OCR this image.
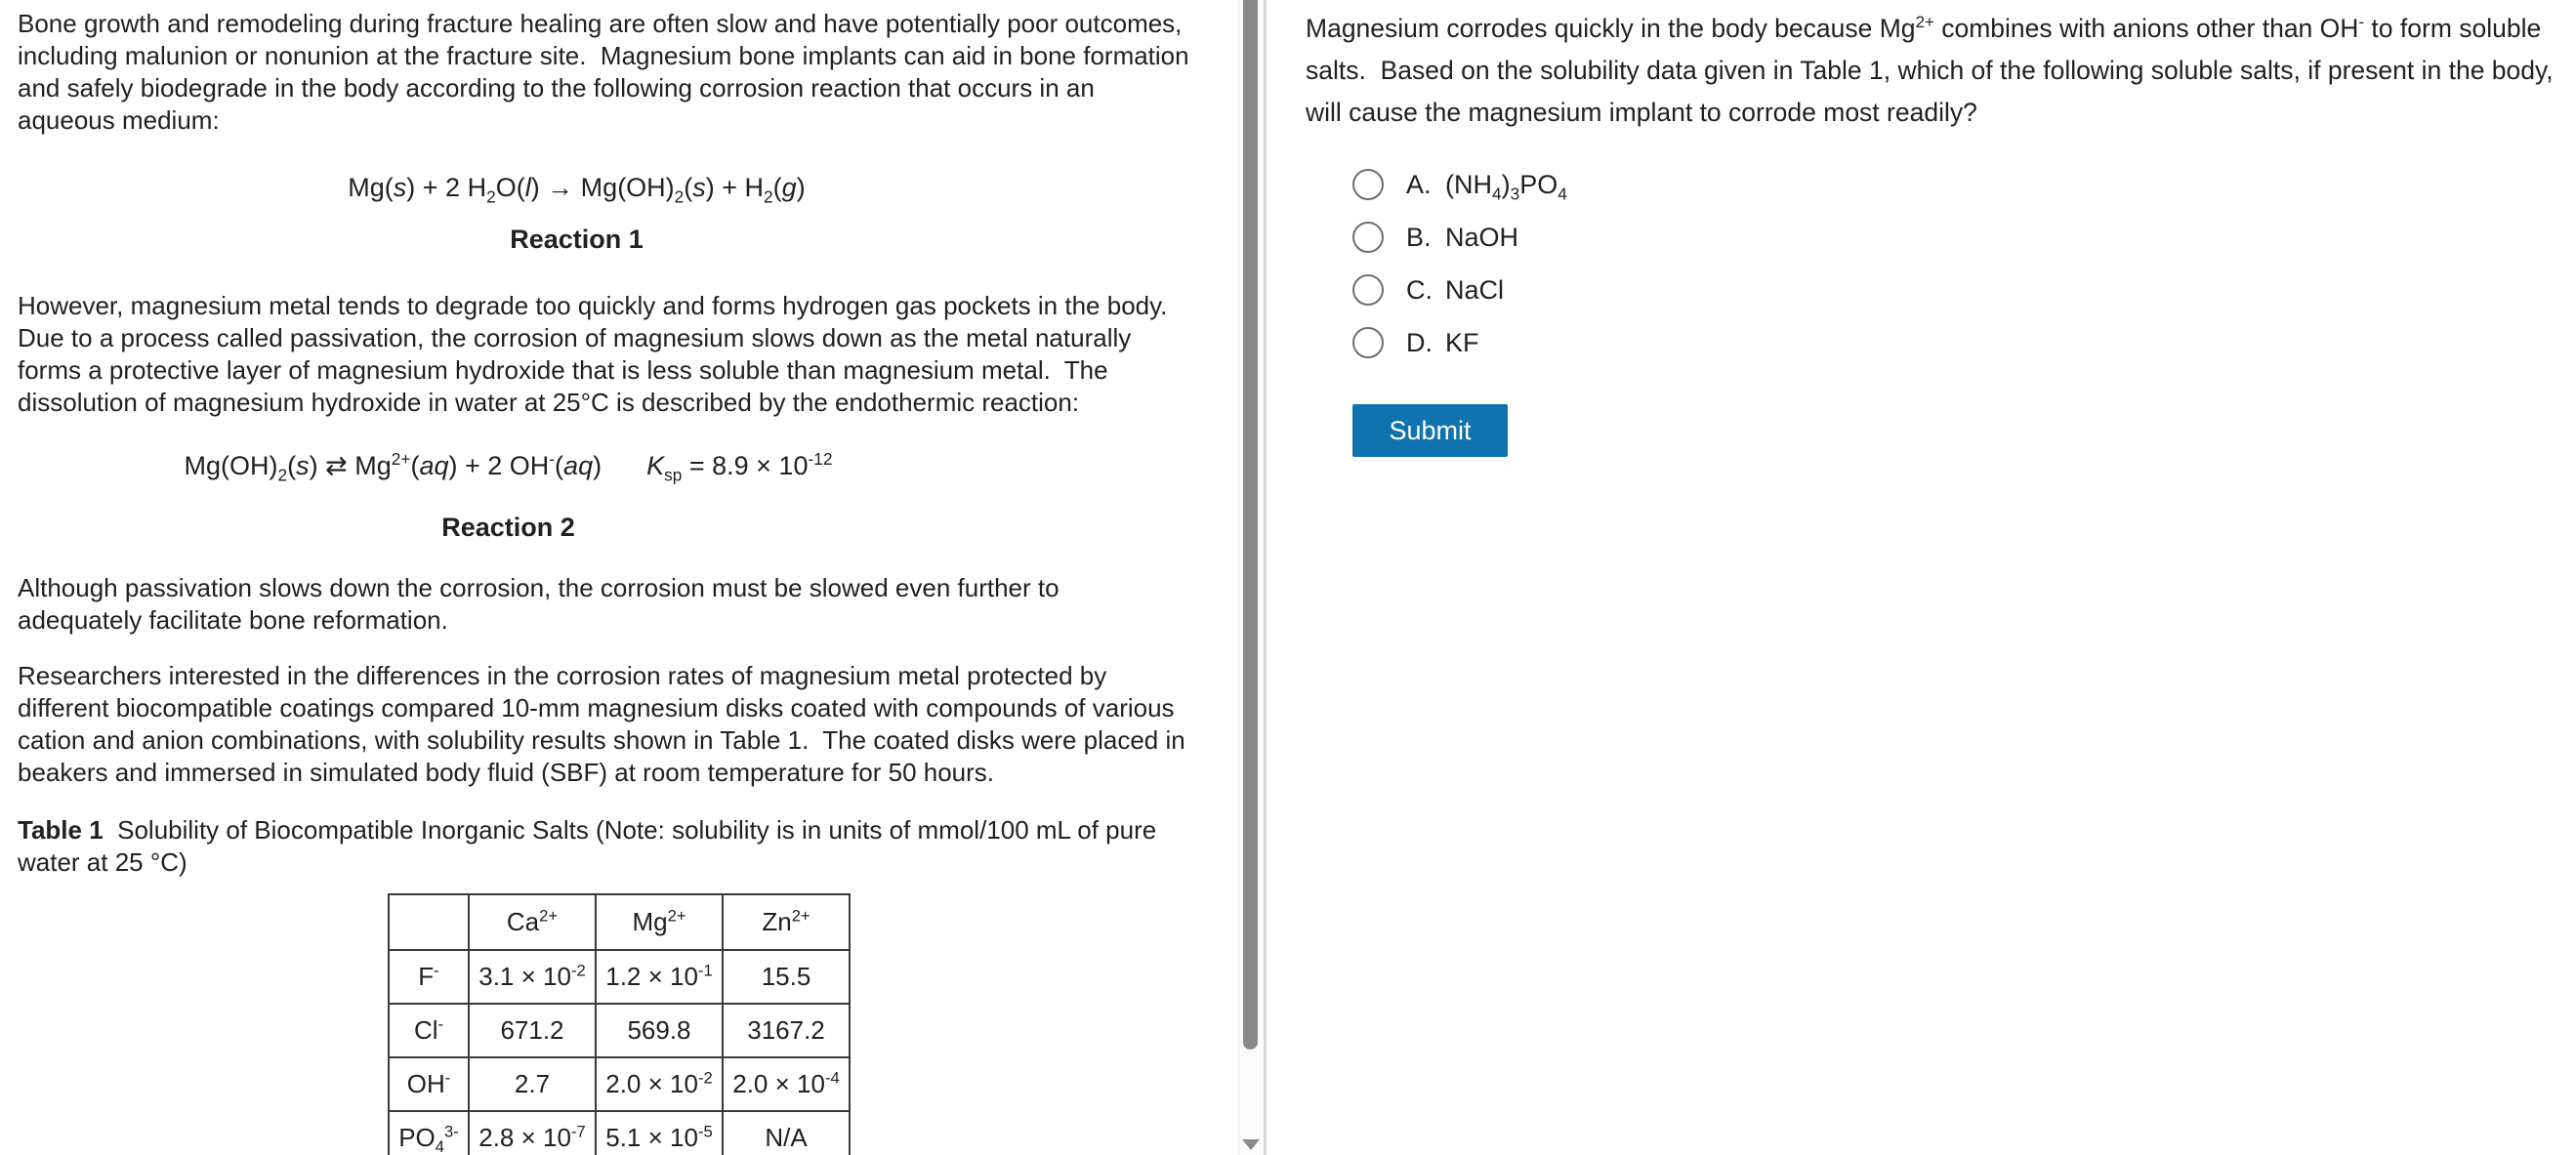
Bone growth and remodeling during fracture healing are often slow and have potentially poor outcomes, including malunion or nonunion at the fracture site.  Magnesium bone implants can aid in bone formation and safely biodegrade in the body according to the following corrosion reaction that occurs in an aqueous medium:

Mg(s) + 2 $H_2O(l) \to Mg(OH)_2(s) + H_2(g)$
Reaction 1

However, magnesium metal tends to degrade too quickly and forms hydrogen gas pockets in the body.  Due to a process called passivation, the corrosion of magnesium slows down as the metal naturally forms a protective layer of magnesium hydroxide that is less soluble than magnesium metal.  The dissolution of magnesium hydroxide in water at 25°C is described by the endothermic reaction:

$Mg(OH)_2(s)$ ⇄ $Mg^{2+}(aq) + 2$ OH-(aq) $K_{sp} = 8.9 \times 10^{-12}$
Reaction 2

Although passivation slows down the corrosion, the corrosion must be slowed even further to adequately facilitate bone reformation.

Researchers interested in the differences in the corrosion rates of magnesium metal protected by different biocompatible coatings compared 10-mm magnesium disks coated with compounds of various cation and anion combinations, with solubility results shown in Table 1.  The coated disks were placed in beakers and immersed in simulated body fluid (SBF) at room temperature for 50 hours.

Table 1  Solubility of Biocompatible Inorganic Salts (Note: solubility is in units of mmol/100 mL of pure water at 25 °C)

	$Ca^{2+}$	$Mg^{2+}$	$Zn^{2+}$
F-	$3.1 \times 10^{-2}$	$1.2 \times 10^{-1}$	15.5
Cl-	671.2	569.8	3167.2
OH-	2.7	$2.0 \times 10^{-2}$	$2.0 \times 10^{-4}$
$PO_4^{3-}$	$2.8 \times 10^{-7}$	$5.1 \times 10^{-5}$	N/A

Magnesium corrodes quickly in the body because $Mg^{2+}$ combines with anions other than OH- to form soluble salts.  Based on the solubility data given in Table 1, which of the following soluble salts, if present in the body, will cause the magnesium implant to corrode most readily?

A. $(NH_4)_3PO_4$
B. NaOH
C. NaCl
D. KF
Submit
